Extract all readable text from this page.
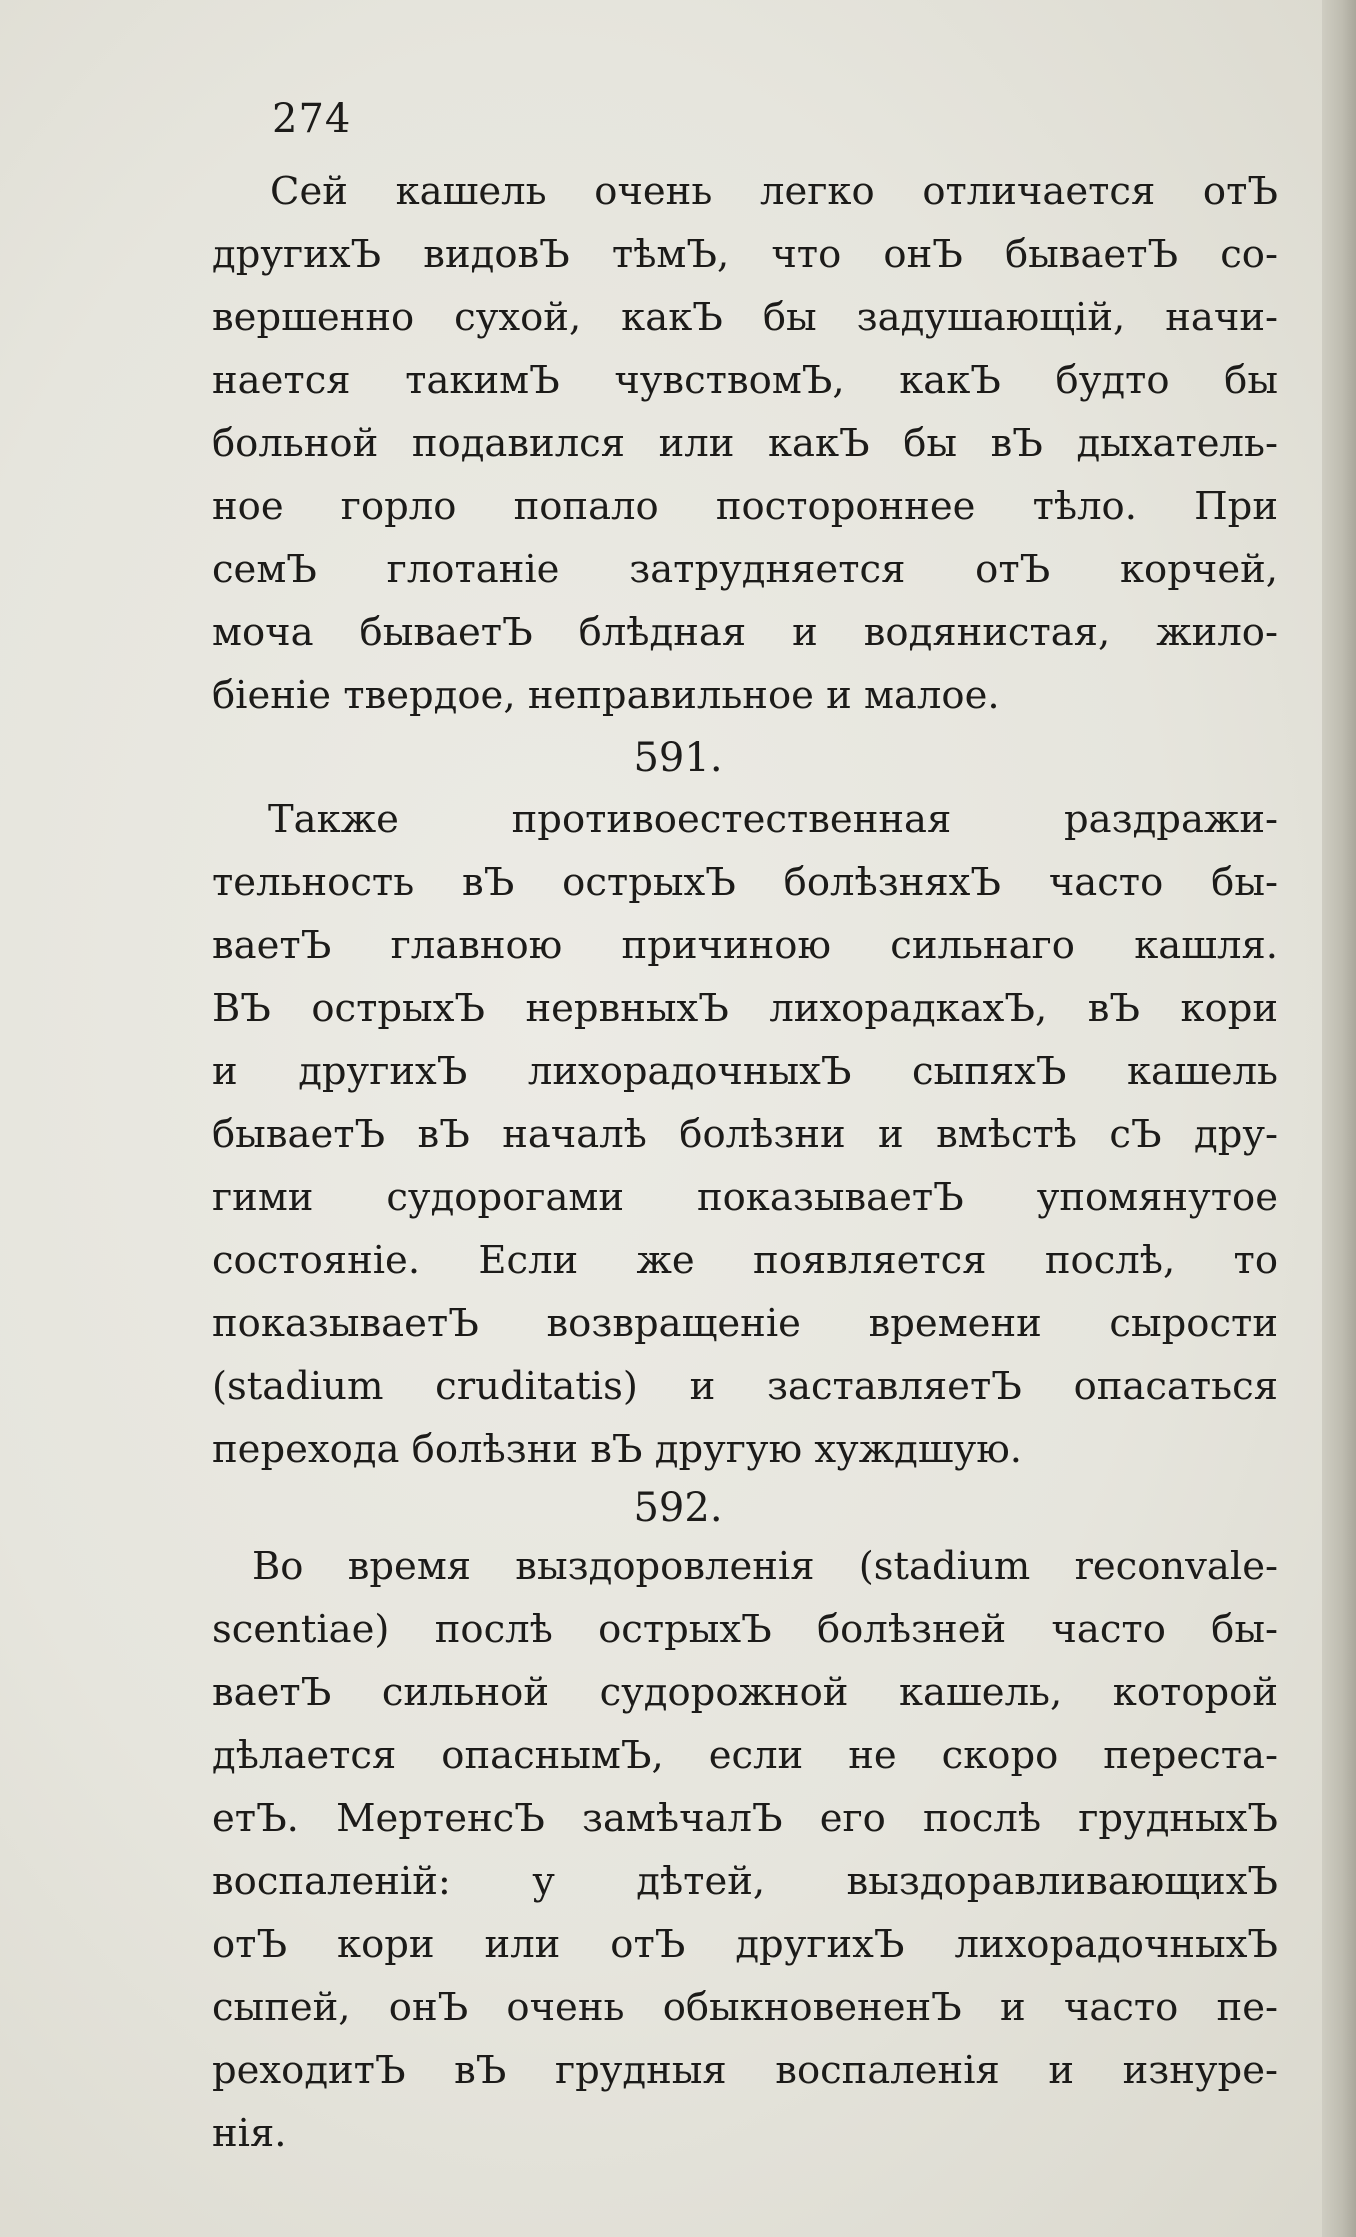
274
Сей кашель очень легко отличается отЪ
другихЪ видовЪ тѣмЪ, что онЪ бываетЪ со-
вершенно сухой, какЪ бы задушающій, начи-
нается такимЪ чувствомЪ, какЪ будто бы
больной подавился или какЪ бы вЪ дыхатель-
ное горло попало постороннее тѣло. При
семЪ глотаніе затрудняется отЪ корчей,
моча бываетЪ блѣдная и водянистая, жило-
біеніе твердое, неправильное и малое.
591.
Также противоестественная раздражи-
тельность вЪ острыхЪ болѣзняхЪ часто бы-
ваетЪ главною причиною сильнаго кашля.
ВЪ острыхЪ нервныхЪ лихорадкахЪ, вЪ кори
и другихЪ лихорадочныхЪ сыпяхЪ кашель
бываетЪ вЪ началѣ болѣзни и вмѣстѣ сЪ дру-
гими судорогами показываетЪ упомянутое
состояніе. Если же появляется послѣ, то
показываетЪ возвращеніе времени сырости
(stadium cruditatis) и заставляетЪ опасаться
перехода болѣзни вЪ другую хуждшую.
592.
Во время выздоровленія (stadium reconvale-
scentiae) послѣ острыхЪ болѣзней часто бы-
ваетЪ сильной судорожной кашель, которой
дѣлается опаснымЪ, если не скоро переста-
етЪ. МертенсЪ замѣчалЪ его послѣ грудныхЪ
воспаленій: у дѣтей, выздоравливающихЪ
отЪ кори или отЪ другихЪ лихорадочныхЪ
сыпей, онЪ очень обыкновененЪ и часто пе-
реходитЪ вЪ грудныя воспаленія и изнуре-
нія.
